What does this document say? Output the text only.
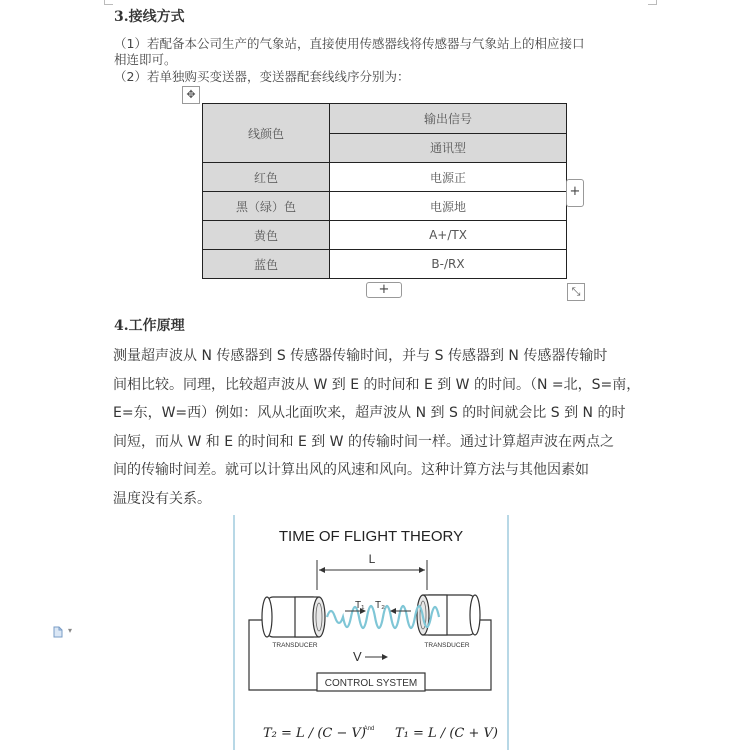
3.接线方式
（1）若配备本公司生产的气象站，直接使用传感器线将传感器与气象站上的相应接口
相连即可。
（2）若单独购买变送器，变送器配套线线序分别为：
✥
线颜色	输出信号
	通讯型
红色	电源正
黑（绿）色	电源地
黄色	A+/TX
蓝色	B-/RX
+
+	⤡
4.工作原理

测量超声波从 N 传感器到 S 传感器传输时间，并与 S 传感器到 N 传感器传输时

间相比较。同理，比较超声波从 W 到 E 的时间和 E 到 W 的时间。（N =北，S=南，

E=东，W=西）例如：风从北面吹来，超声波从 N 到 S 的时间就会比 S 到 N 的时

间短，而从 W 和 E 的时间和 E 到 W 的传输时间一样。通过计算超声波在两点之

间的传输时间差。就可以计算出风的风速和风向。这种计算方法与其他因素如

温度没有关系。

▾
TIME OF FLIGHT THEORY
L
T₁ T₂
V
TRANSDUCER	TRANSDUCER
CONTROL SYSTEM
T₂ = L / (C − V)
And T₁ = L / (C + V)
